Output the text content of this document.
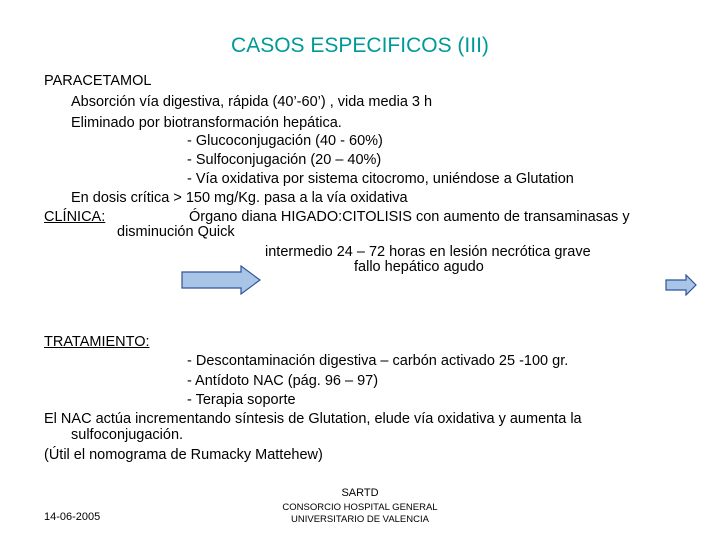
CASOS ESPECIFICOS (III)
PARACETAMOL
Absorción vía digestiva, rápida (40’-60’) , vida media 3 h
Eliminado por biotransformación hepática.
- Glucoconjugación (40 - 60%)
- Sulfoconjugación (20 – 40%)
- Vía oxidativa por sistema citocromo, uniéndose a Glutation
En dosis crítica > 150 mg/Kg. pasa a la vía oxidativa
CLÍNICA:	Órgano diana HIGADO:CITOLISIS con aumento de transaminasas y
disminución Quick
intermedio 24 – 72 horas en lesión necrótica grave
fallo hepático agudo
TRATAMIENTO:
- Descontaminación digestiva – carbón activado 25 -100 gr.
- Antídoto NAC (pág. 96 – 97)
- Terapia soporte
El NAC actúa incrementando síntesis de Glutation, elude vía oxidativa y aumenta la
sulfoconjugación.
(Útil el nomograma de Rumacky Mattehew)
14-06-2005
SARTD
CONSORCIO HOSPITAL GENERAL
UNIVERSITARIO DE VALENCIA
